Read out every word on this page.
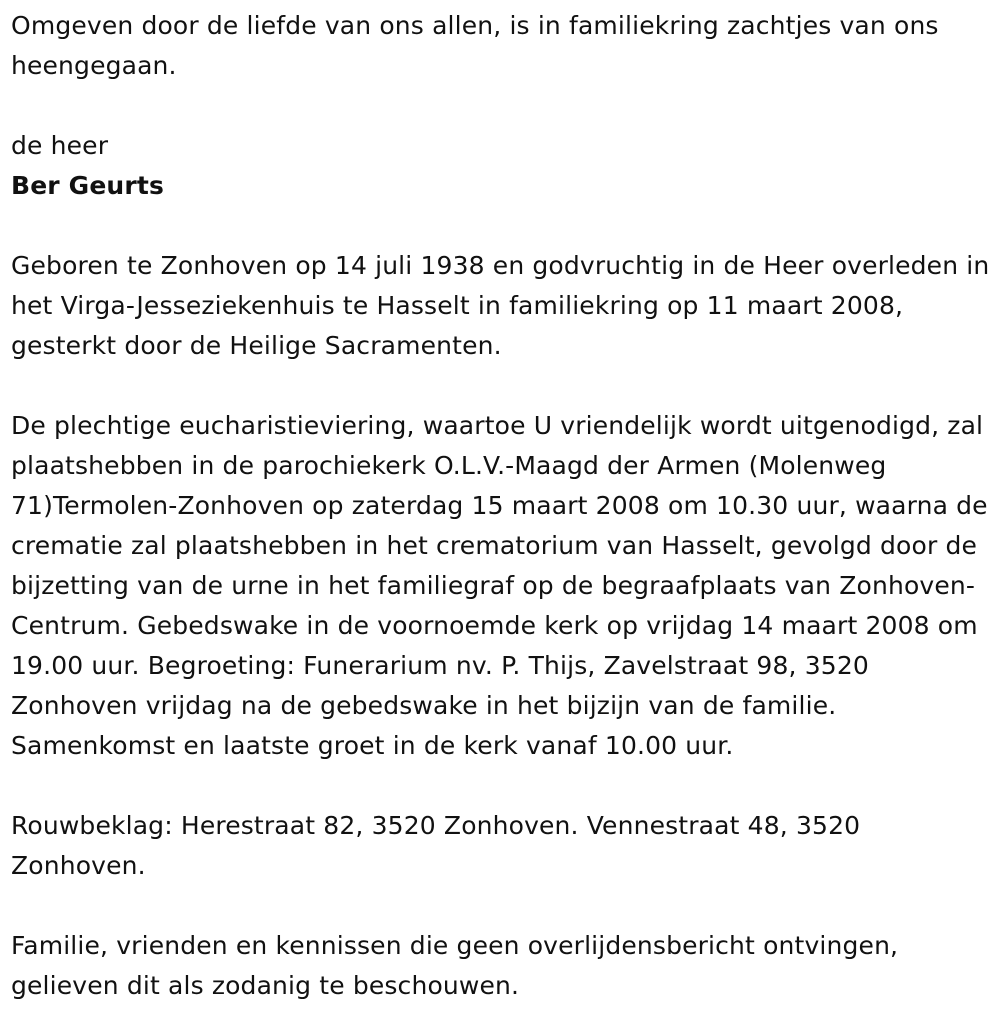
Omgeven door de liefde van ons allen, is in familiekring zachtjes van ons heengegaan.

de heer

Ber Geurts

Geboren te Zonhoven op 14 juli 1938 en godvruchtig in de Heer overleden in het Virga-Jesseziekenhuis te Hasselt in familiekring op 11 maart 2008, gesterkt door de Heilige Sacramenten.

De plechtige eucharistieviering, waartoe U vriendelijk wordt uitgenodigd, zal plaatshebben in de parochiekerk O.L.V.-Maagd der Armen (Molenweg 71)Termolen-Zonhoven op zaterdag 15 maart 2008 om 10.30 uur, waarna de crematie zal plaatshebben in het crematorium van Hasselt, gevolgd door de bijzetting van de urne in het familiegraf op de begraafplaats van Zonhoven-Centrum. Gebedswake in de voornoemde kerk op vrijdag 14 maart 2008 om 19.00 uur. Begroeting: Funerarium nv. P. Thijs, Zavelstraat 98, 3520 Zonhoven vrijdag na de gebedswake in het bijzijn van de familie. Samenkomst en laatste groet in de kerk vanaf 10.00 uur.

Rouwbeklag: Herestraat 82, 3520 Zonhoven. Vennestraat 48, 3520 Zonhoven.

Familie, vrienden en kennissen die geen overlijdensbericht ontvingen, gelieven dit als zodanig te beschouwen.
